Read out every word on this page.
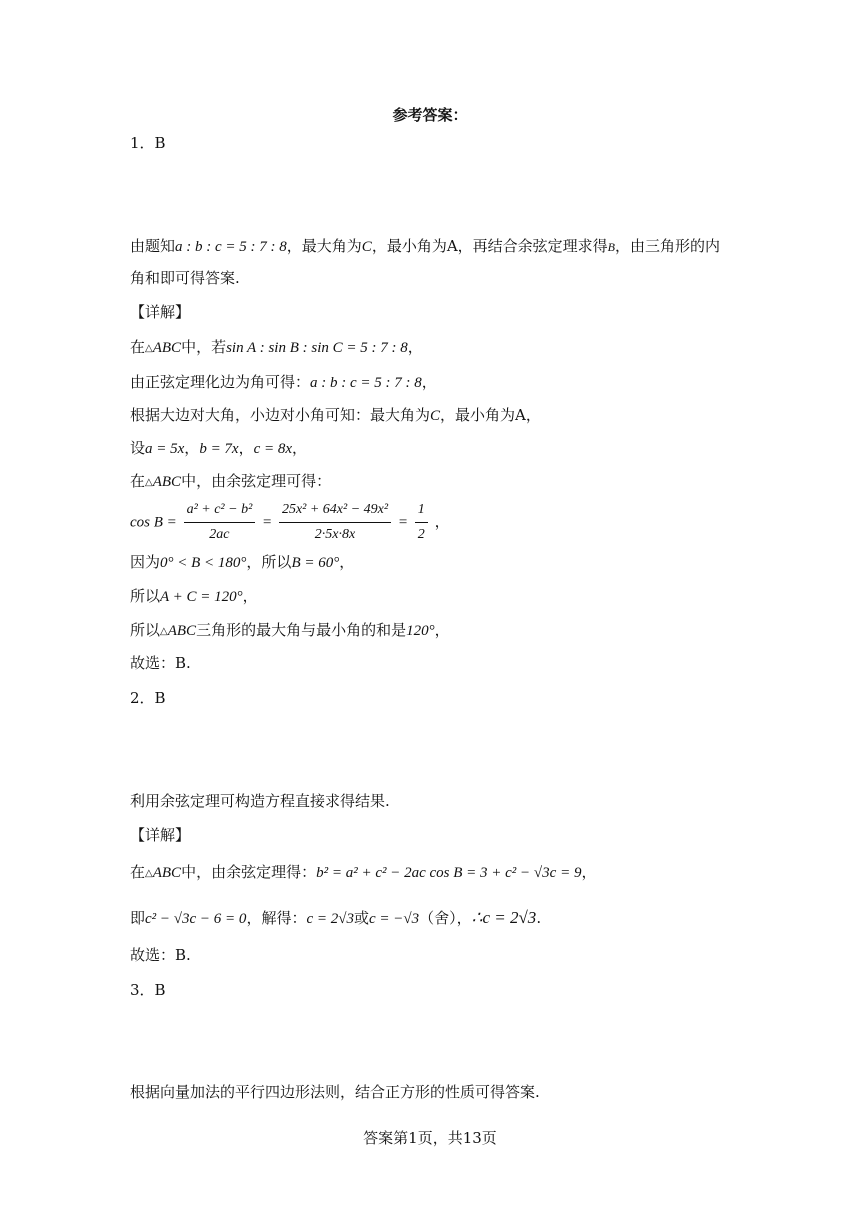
参考答案：
1．B
由题知a : b : c = 5 : 7 : 8，最大角为C，最小角为A，再结合余弦定理求得B，由三角形的内
角和即可得答案.
【详解】
在△ABC中，若sin A : sin B : sin C = 5 : 7 : 8，
由正弦定理化边为角可得：a : b : c = 5 : 7 : 8，
根据大边对大角，小边对小角可知：最大角为C，最小角为A，
设a = 5x，b = 7x，c = 8x，
在△ABC中，由余弦定理可得：
$\cos B = \frac{\text{a² + c² − b²}}{2ac} = \frac{\text{25x² + 64x² − 49x²}}{2\cdot 5x\cdot 8x} = \frac{1}{2}$ ，
因为0° < B < 180°，所以B = 60°，
所以A + C = 120°，
所以△ABC三角形的最大角与最小角的和是120°，
故选：B.
2．B
利用余弦定理可构造方程直接求得结果.
【详解】
在△ABC中，由余弦定理得：b² = a² + c² − 2ac cos B = 3 + c² − √3c = 9，
即c² − √3c − 6 = 0，解得：c = 2√3或c = −√3（舍），∴c = 2√3.
故选：B.
3．B
根据向量加法的平行四边形法则，结合正方形的性质可得答案.
答案第1页，共13页
